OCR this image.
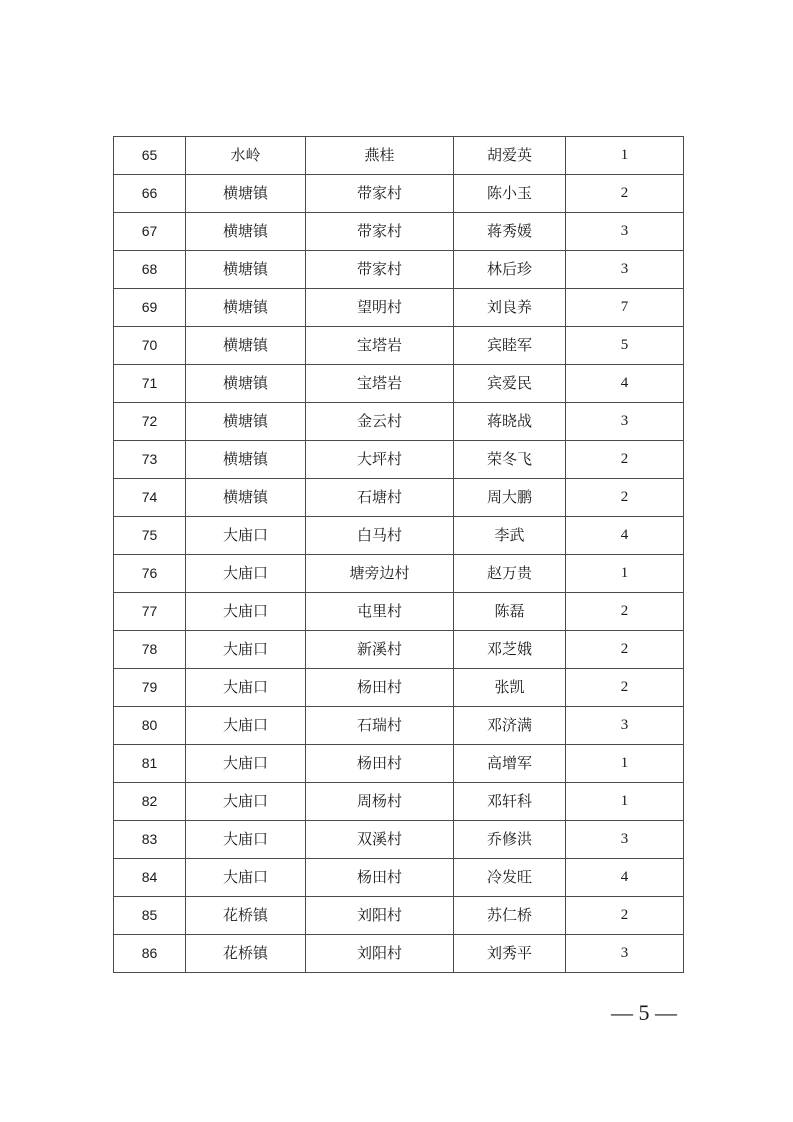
65	水岭	燕桂	胡爱英	1
66	横塘镇	带家村	陈小玉	2
67	横塘镇	带家村	蒋秀媛	3
68	横塘镇	带家村	林后珍	3
69	横塘镇	望明村	刘良养	7
70	横塘镇	宝塔岩	宾睦军	5
71	横塘镇	宝塔岩	宾爱民	4
72	横塘镇	金云村	蒋晓战	3
73	横塘镇	大坪村	荣冬飞	2
74	横塘镇	石塘村	周大鹏	2
75	大庙口	白马村	李武	4
76	大庙口	塘旁边村	赵万贵	1
77	大庙口	屯里村	陈磊	2
78	大庙口	新溪村	邓芝娥	2
79	大庙口	杨田村	张凯	2
80	大庙口	石瑞村	邓济满	3
81	大庙口	杨田村	高增军	1
82	大庙口	周杨村	邓轩科	1
83	大庙口	双溪村	乔修洪	3
84	大庙口	杨田村	冷发旺	4
85	花桥镇	刘阳村	苏仁桥	2
86	花桥镇	刘阳村	刘秀平	3
— 5 —
